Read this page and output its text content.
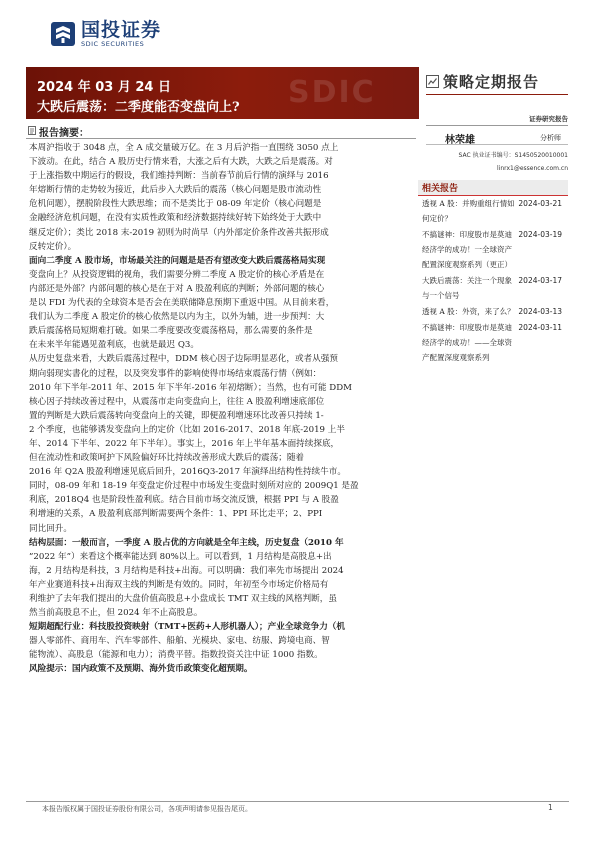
国投证券
SDIC SECURITIES
SDIC
2024 年 03 月 24 日
大跌后震荡：二季度能否变盘向上?
策略定期报告
证券研究报告
林荣雄	分析师
SAC 执业证书编号：S1450520010001
linrx1@essence.com.cn
相关报告
透视 A 股：并购重组行情如
何定价？
2024-03-21
不搞谜神：印度股市是莫迪
经济学的成功！一全球资产
配置深度观察系列（更正）
2024-03-19
大跌后震荡：关注一个现象
与一个信号
2024-03-17
透视 A 股：外资，来了么？ 2024-03-13
不搞谜神：印度股市是莫迪
经济学的成功！——全球资
产配置深度观察系列
2024-03-11
报告摘要：

本周沪指收于 3048 点，全 A 成交量破万亿。在 3 月后沪指一直围绕 3050 点上

下波动。在此，结合 A 股历史行情来看，大涨之后有大跌，大跌之后是震荡。对

于上涨指数中期运行的假设，我们维持判断：当前春节前后行情的演绎与 2016

年熔断行情的走势较为接近，此后步入大跌后的震荡（核心问题是股市流动性

危机问题），摆脱阶段性大跌思维；而不是类比于 08-09 年定价（核心问题是

金融经济危机问题，在没有实质性政策和经济数据持续好转下始终处于大跌中

继反定价）；类比 2018 末-2019 初则为时尚早（内外部定价条件改善共振形成

反转定价）。

面向二季度 A 股市场，市场最关注的问题是是否有望改变大跌后震荡格局实现

变盘向上？从投资逻辑的视角，我们需要分辨二季度 A 股定价的核心矛盾是在

内部还是外部？内部问题的核心是在于对 A 股盈利底的判断；外部问题的核心

是以 FDI 为代表的全球资本是否会在美联储降息预期下重返中国。从目前来看，

我们认为二季度 A 股定价的核心依然是以内为主，以外为辅，进一步预判：大

跌后震荡格局短期难打破。如果二季度要改变震荡格局，那么需要的条件是

在未来半年能遇见盈利底，也就是最迟 Q3。

从历史复盘来看，大跌后震荡过程中，DDM 核心因子边际明显恶化，或者从强预

期向弱现实書化的过程，以及突发事件的影响使得市场结束震荡行情（例如：

2010 年下半年-2011 年、2015 年下半年-2016 年初熔断）；当然，也有可能 DDM

核心因子持续改善过程中，从震荡市走向变盘向上，往往 A 股盈利增速底部位

置的判断是大跌后震荡转向变盘向上的关键，即便盈利增速环比改善只持续 1-

2 个季度，也能够诱发变盘向上的定价（比如 2016-2017、2018 年底-2019 上半

年、2014 下半年、2022 年下半年）。事实上，2016 年上半年基本面持续探底，

但在流动性和政策呵护下风险偏好环比持续改善形成大跌后的震荡；随着

2016 年 Q2A 股盈利增速见底后回升，2016Q3-2017 年演绎出结构性持续牛市。

同时，08-09 年和 18-19 年变盘定价过程中市场发生变盘时刻所对应的 2009Q1 是盈

利底，2018Q4 也是阶段性盈利底。结合目前市场交流反馈，根据 PPI 与 A 股盈

利增速的关系，A 股盈利底部判断需要两个条件：1、PPI 环比走平；2、PPI

同比回升。

结构层面：一般而言，一季度 A 股占优的方向就是全年主线，历史复盘（2010 年

”2022 年”）来看这个概率能达到 80%以上。可以看到，1 月结构是高股息+出

海，2 月结构是科技，3 月结构是科技+出海。可以明确：我们率先市场提出 2024

年产业赛道科技+出海双主线的判断是有效的。同时，年初至今市场定价格局有

利维护了去年我们提出的大盘价值高股息+小盘成长 TMT 双主线的风格判断，虽

然当前高股息不止，但 2024 年不止高股息。

短期超配行业：科技股投资映射（TMT+医药+人形机器人）；产业全球竞争力（机

器人零部件、商用车、汽车零部件、船舶、光模块、家电、纺服、跨境电商、智

能物流）、高股息（能源和电力）；消费平替。指数投资关注中证 1000 指数。

风险提示：国内政策不及预期、海外货币政策变化超预期。

本报告版权属于国投证券股份有限公司，各项声明请参见报告尾页。	1
